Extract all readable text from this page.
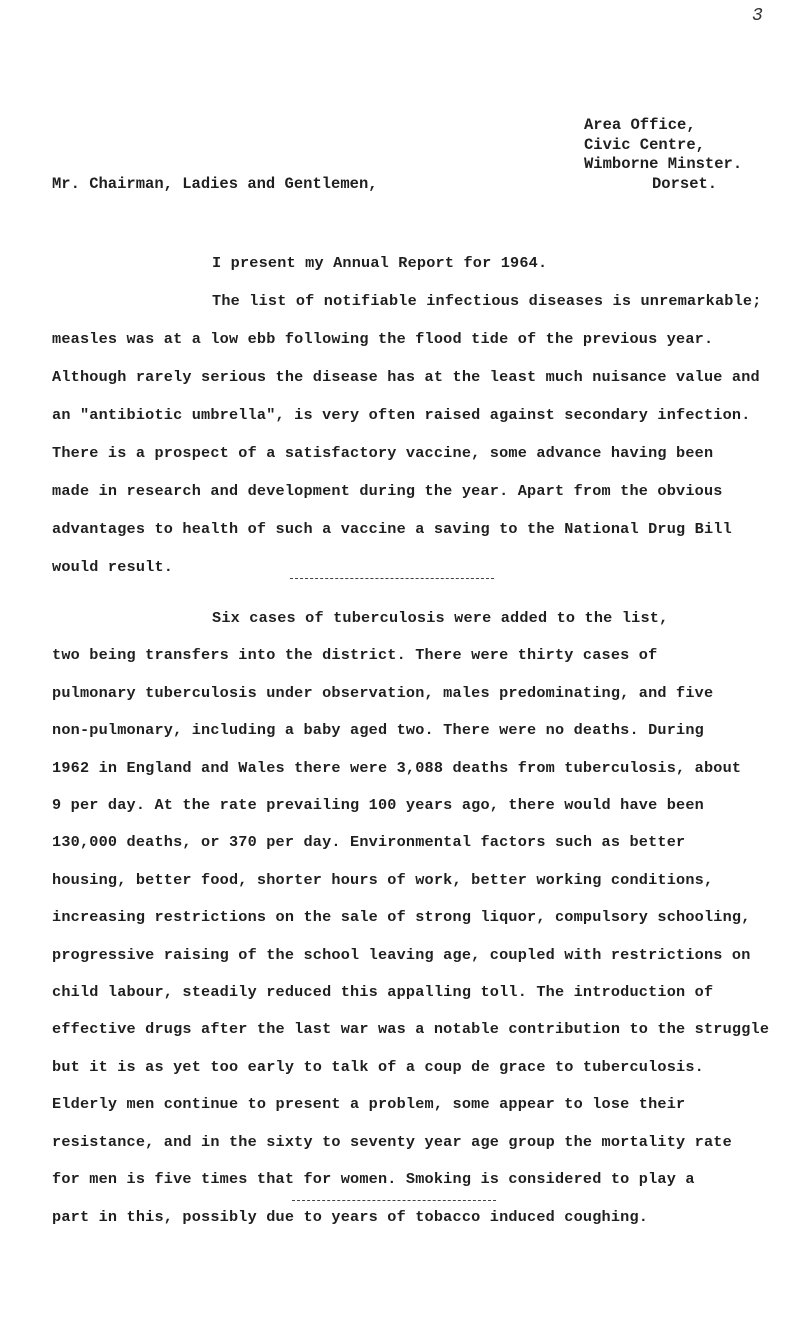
3
Area Office,
Civic Centre,
Wimborne Minster.
Dorset.
Mr. Chairman, Ladies and Gentlemen,
I present my Annual Report for 1964.
The list of notifiable infectious diseases is unremarkable;
measles was at a low ebb following the flood tide of the previous year.
Although rarely serious the disease has at the least much nuisance value and
an "antibiotic umbrella", is very often raised against secondary infection.
There is a prospect of a satisfactory vaccine, some advance having been
made in research and development during the year. Apart from the obvious
advantages to health of such a vaccine a saving to the National Drug Bill
would result.
Six cases of tuberculosis were added to the list,
two being transfers into the district. There were thirty cases of
pulmonary tuberculosis under observation, males predominating, and five
non-pulmonary, including a baby aged two. There were no deaths. During
1962 in England and Wales there were 3,088 deaths from tuberculosis, about
9 per day. At the rate prevailing 100 years ago, there would have been
130,000 deaths, or 370 per day. Environmental factors such as better
housing, better food, shorter hours of work, better working conditions,
increasing restrictions on the sale of strong liquor, compulsory schooling,
progressive raising of the school leaving age, coupled with restrictions on
child labour, steadily reduced this appalling toll. The introduction of
effective drugs after the last war was a notable contribution to the struggle
but it is as yet too early to talk of a coup de grace to tuberculosis.
Elderly men continue to present a problem, some appear to lose their
resistance, and in the sixty to seventy year age group the mortality rate
for men is five times that for women. Smoking is considered to play a
part in this, possibly due to years of tobacco induced coughing.
